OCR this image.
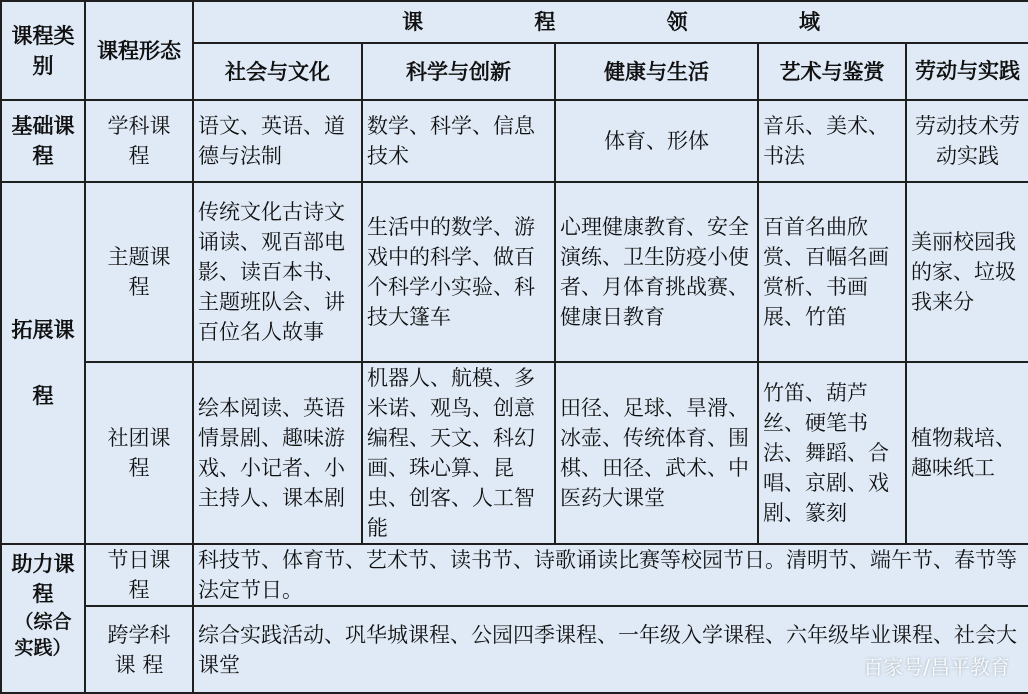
课程类别	课程形态	课 程 领 域				
		社会与文化	科学与创新	健康与生活	艺术与鉴赏	劳动与实践
基础课程	学科课程	语文、英语、道德与法制	数学、科学、信息技术	体育、形体	音乐、美术、书法	劳动技术劳动实践
拓展课程	主题课程	传统文化古诗文诵读、观百部电影、读百本书、主题班队会、讲百位名人故事	生活中的数学、游戏中的科学、做百个科学小实验、科技大篷车	心理健康教育、安全演练、卫生防疫小使者、月体育挑战赛、健康日教育	百首名曲欣赏、百幅名画赏析、书画展、竹笛	美丽校园我的家、垃圾我来分
	社团课程	绘本阅读、英语情景剧、趣味游戏、小记者、小主持人、课本剧	机器人、航模、多米诺、观鸟、创意编程、天文、科幻画、珠心算、昆虫、创客、人工智能	田径、足球、旱滑、冰壶、传统体育、围棋、田径、武术、中医药大课堂	竹笛、葫芦丝、硬笔书法、舞蹈、合唱、京剧、戏剧、篆刻	植物栽培、趣味纸工
助力课程
（综合实践）	节日课程	科技节、体育节、艺术节、读书节、诗歌诵读比赛等校园节日。清明节、端午节、春节等法定节日。				
	跨学科课 程	综合实践活动、巩华城课程、公园四季课程、一年级入学课程、六年级毕业课程、社会大课堂					百家号/昌平教育
